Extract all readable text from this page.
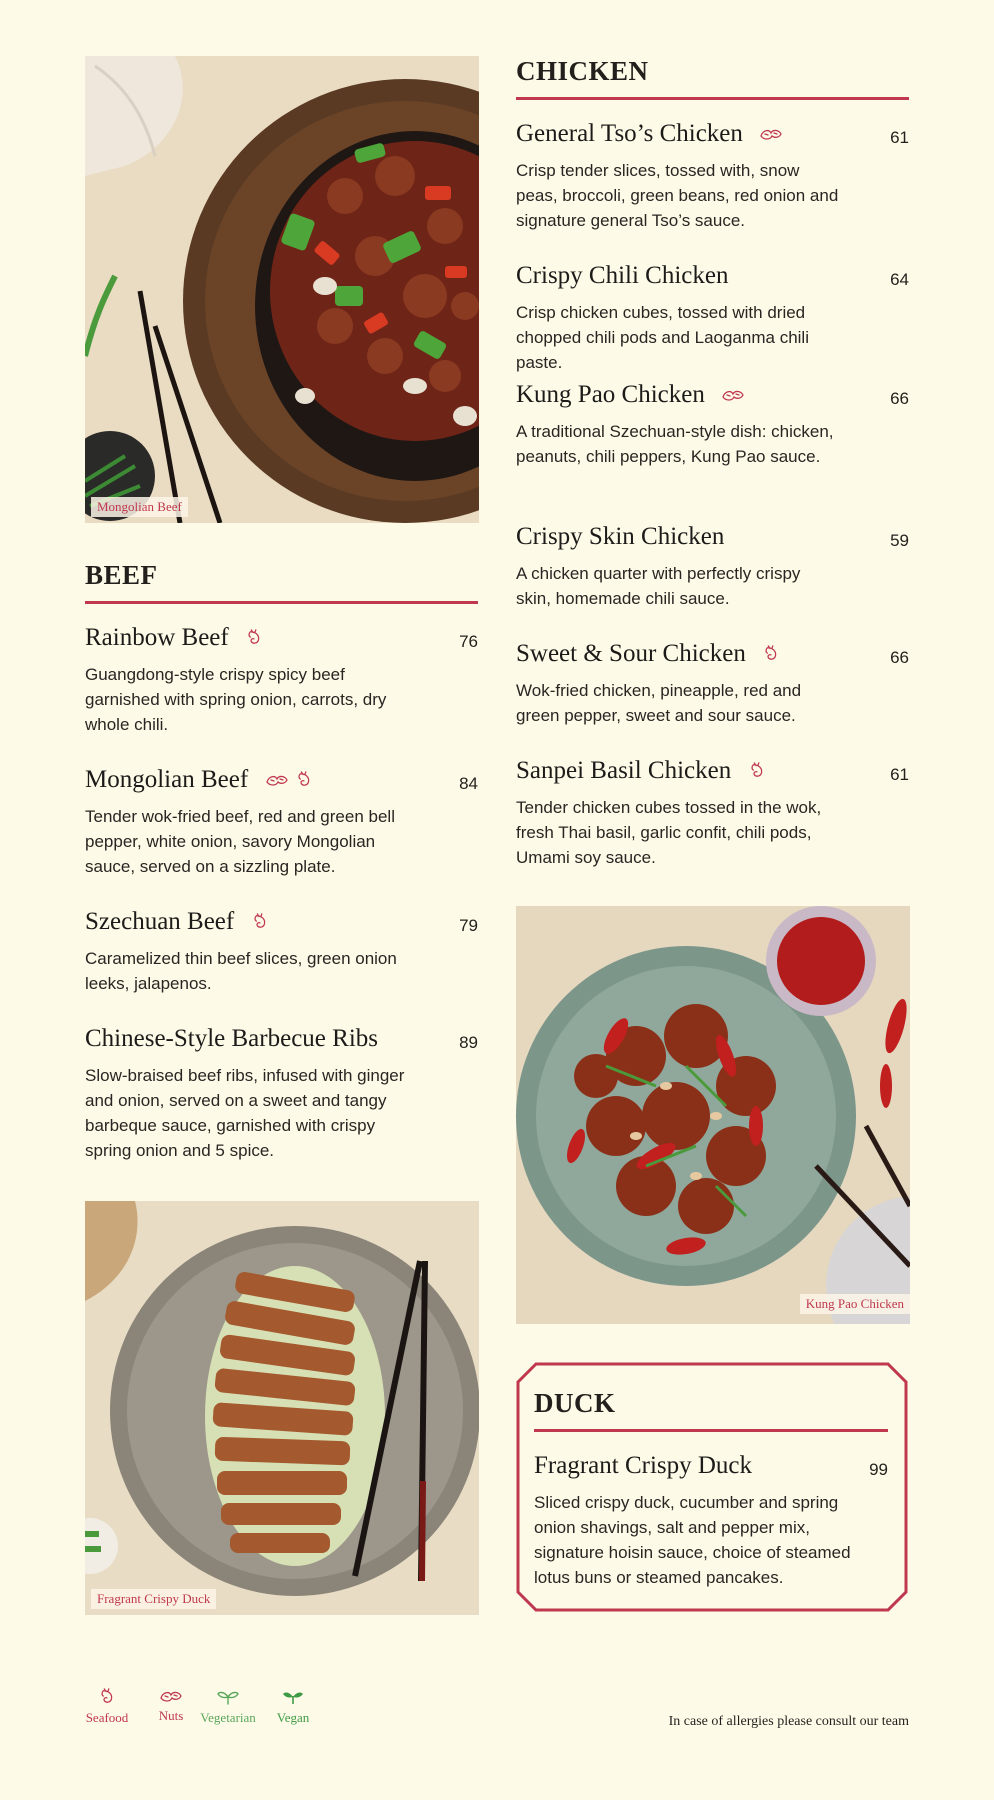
Mongolian Beef
BEEF
Rainbow Beef	76
Guangdong-style crispy spicy beef garnished with spring onion, carrots, dry whole chili.
Mongolian Beef	84
Tender wok-fried beef, red and green bell pepper, white onion, savory Mongolian sauce, served on a sizzling plate.
Szechuan Beef	79
Caramelized thin beef slices, green onion leeks, jalapenos.
Chinese-Style Barbecue Ribs	89
Slow-braised beef ribs, infused with ginger and onion, served on a sweet and tangy barbeque sauce, garnished with crispy spring onion and 5 spice.
Fragrant Crispy Duck
CHICKEN
General Tso’s Chicken	61
Crisp tender slices, tossed with, snow peas, broccoli, green beans, red onion and signature general Tso’s sauce.
Crispy Chili Chicken	64
Crisp chicken cubes, tossed with dried chopped chili pods and Laoganma chili paste.
Kung Pao Chicken	66
A traditional Szechuan-style dish: chicken, peanuts, chili peppers, Kung Pao sauce.
Crispy Skin Chicken	59
A chicken quarter with perfectly crispy skin, homemade chili sauce.
Sweet & Sour Chicken	66
Wok-fried chicken, pineapple, red and green pepper, sweet and sour sauce.
Sanpei Basil Chicken	61
Tender chicken cubes tossed in the wok, fresh Thai basil, garlic confit, chili pods, Umami soy sauce.
Kung Pao Chicken
DUCK
Fragrant Crispy Duck	99
Sliced crispy duck, cucumber and spring onion shavings, salt and pepper mix, signature hoisin sauce, choice of steamed lotus buns or steamed pancakes.
Seafood	Nuts	Vegetarian	Vegan	In case of allergies please consult our team
